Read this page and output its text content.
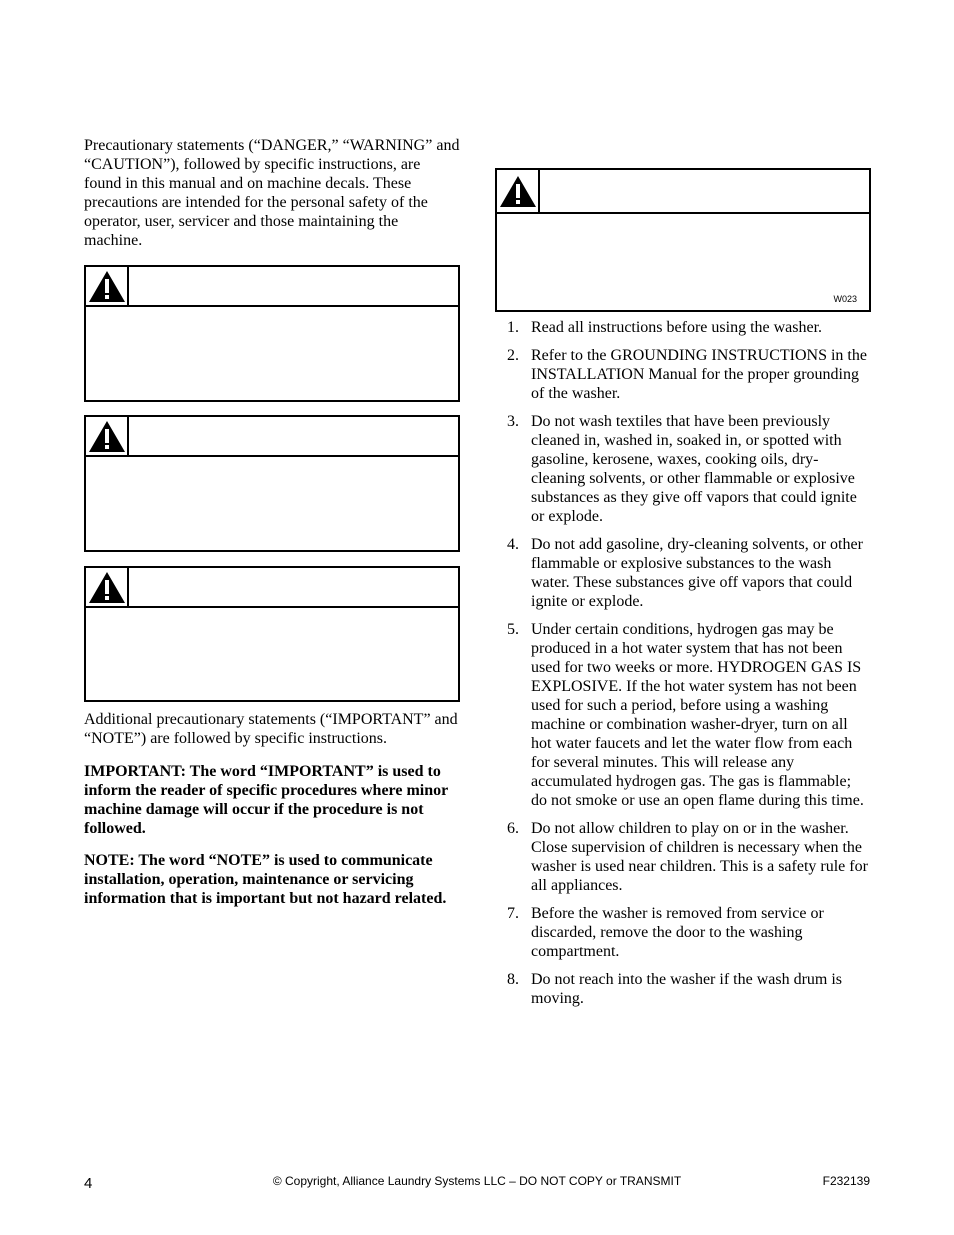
Precautionary statements (“DANGER,” “WARNING” and “CAUTION”), followed by specific instructions, are found in this manual and on machine decals. These precautions are intended for the personal safety of the operator, user, servicer and those maintaining the machine.

Additional precautionary statements (“IMPORTANT” and “NOTE”) are followed by specific instructions.

IMPORTANT: The word “IMPORTANT” is used to inform the reader of specific procedures where minor machine damage will occur if the procedure is not followed.

NOTE: The word “NOTE” is used to communicate installation, operation, maintenance or servicing information that is important but not hazard related.

W023
1. Read all instructions before using the washer.
2. Refer to the GROUNDING INSTRUCTIONS in the INSTALLATION Manual for the proper grounding of the washer.
3. Do not wash textiles that have been previously cleaned in, washed in, soaked in, or spotted with gasoline, kerosene, waxes, cooking oils, dry-cleaning solvents, or other flammable or explosive substances as they give off vapors that could ignite or explode.
4. Do not add gasoline, dry-cleaning solvents, or other flammable or explosive substances to the wash water. These substances give off vapors that could ignite or explode.
5. Under certain conditions, hydrogen gas may be produced in a hot water system that has not been used for two weeks or more. HYDROGEN GAS IS EXPLOSIVE. If the hot water system has not been used for such a period, before using a washing machine or combination washer-dryer, turn on all hot water faucets and let the water flow from each for several minutes. This will release any accumulated hydrogen gas. The gas is flammable; do not smoke or use an open flame during this time.
6. Do not allow children to play on or in the washer. Close supervision of children is necessary when the washer is used near children. This is a safety rule for all appliances.
7. Before the washer is removed from service or discarded, remove the door to the washing compartment.
8. Do not reach into the washer if the wash drum is moving.
4	© Copyright, Alliance Laundry Systems LLC – DO NOT COPY or TRANSMIT	F232139
